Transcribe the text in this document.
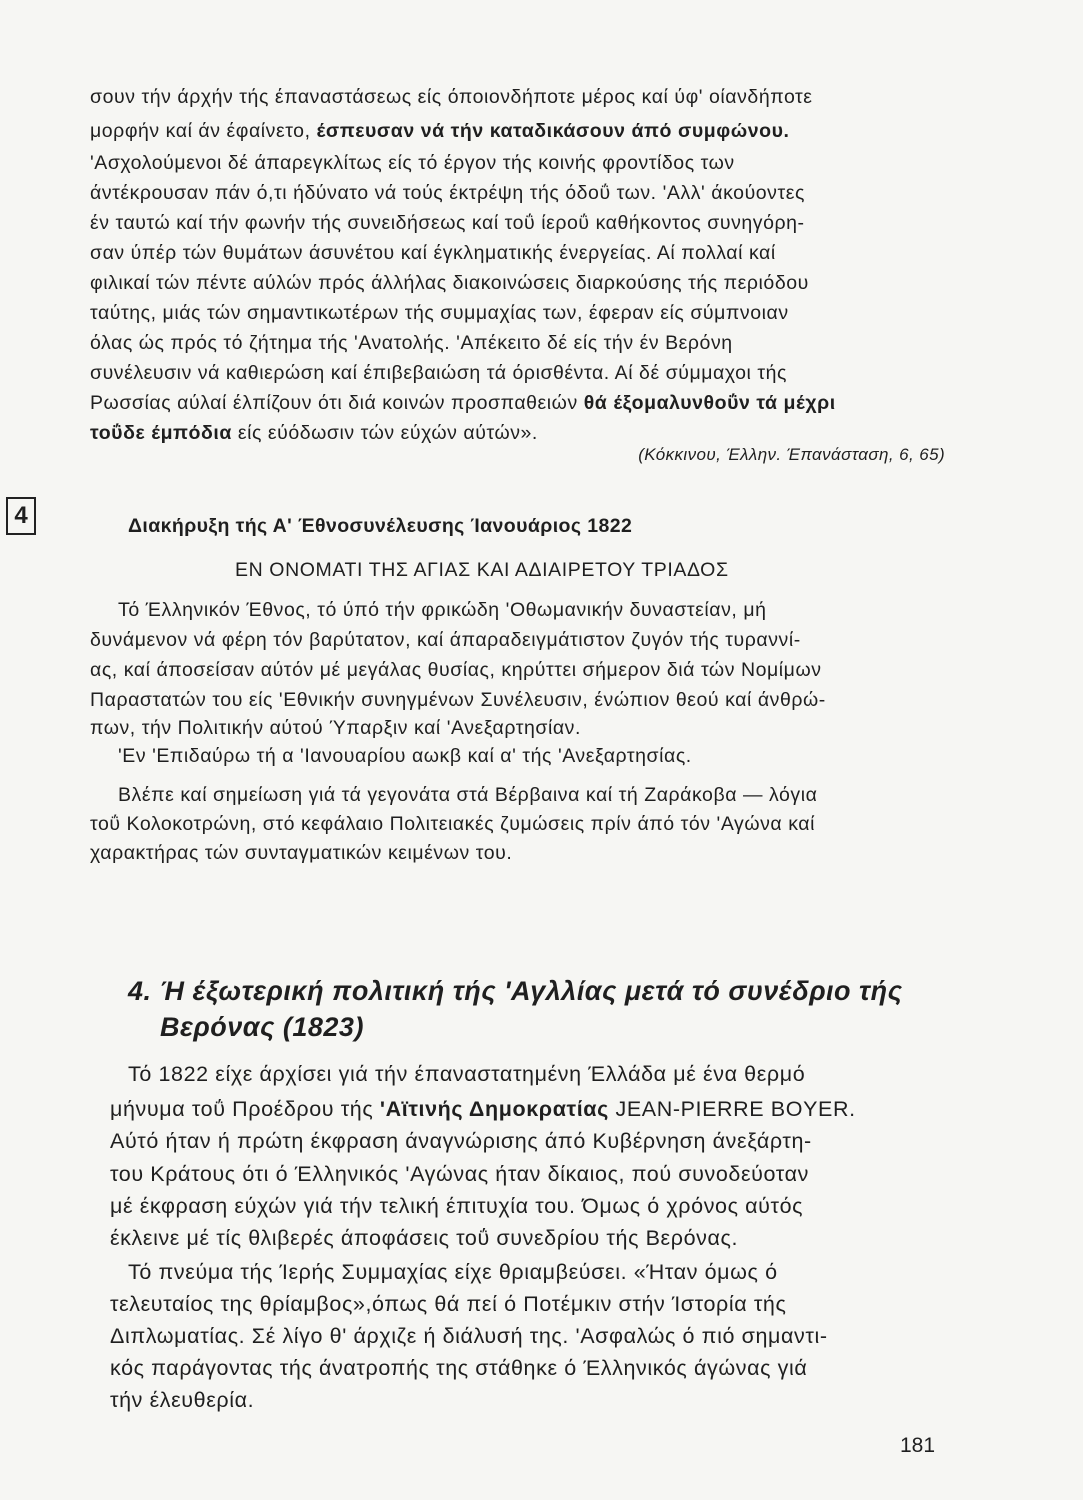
σουν τήν άρχήν τής έπαναστάσεως είς όποιονδήποτε μέρος καί ύφ' οίανδήποτε
μορφήν καί άν έφαίνετο, έσπευσαν νά τήν καταδικάσουν άπό συμφώνου.
'Ασχολούμενοι δέ άπαρεγκλίτως είς τό έργον τής κοινής φροντίδος των
άντέκρουσαν πάν ό,τι ήδύνατο νά τούς έκτρέψη τής όδοΰ των. 'Αλλ' άκούοντες
έν ταυτώ καί τήν φωνήν τής συνειδήσεως καί τοΰ ίεροΰ καθήκοντος συνηγόρη-
σαν ύπέρ τών θυμάτων άσυνέτου καί έγκληματικής ένεργείας. Αί πολλαί καί
φιλικαί τών πέντε αύλών πρός άλλήλας διακοινώσεις διαρκούσης τής περιόδου
ταύτης, μιάς τών σημαντικωτέρων τής συμμαχίας των, έφεραν είς σύμπνοιαν
όλας ώς πρός τό ζήτημα τής 'Ανατολής. 'Απέκειτο δέ είς τήν έν Βερόνη
συνέλευσιν νά καθιερώση καί έπιβεβαιώση τά όρισθέντα. Αί δέ σύμμαχοι τής
Ρωσσίας αύλαί έλπίζουν ότι διά κοινών προσπαθειών θά έξομαλυνθοΰν τά μέχρι
τοΰδε έμπόδια είς εύόδωσιν τών εύχών αύτών».
(Κόκκινου, Έλλην. Έπανάσταση, 6, 65)
4	Διακήρυξη τής Α' Έθνοσυνέλευσης Ίανουάριος 1822
ΕΝ ΟΝΟΜΑΤΙ ΤΗΣ ΑΓΙΑΣ ΚΑΙ ΑΔΙΑΙΡΕΤΟΥ ΤΡΙΑΔΟΣ
Τό Έλληνικόν Έθνος, τό ύπό τήν φρικώδη 'Οθωμανικήν δυναστείαν, μή
δυνάμενον νά φέρη τόν βαρύτατον, καί άπαραδειγμάτιστον ζυγόν τής τυραννί-
ας, καί άποσείσαν αύτόν μέ μεγάλας θυσίας, κηρύττει σήμερον διά τών Νομίμων
Παραστατών του είς 'Εθνικήν συνηγμένων Συνέλευσιν, ένώπιον θεού καί άνθρώ-
πων, τήν Πολιτικήν αύτού Ύπαρξιν καί 'Ανεξαρτησίαν.
'Εν 'Επιδαύρω τή α 'Ιανουαρίου αωκβ καί α' τής 'Ανεξαρτησίας.
Βλέπε καί σημείωση γιά τά γεγονάτα στά Βέρβαινα καί τή Ζαράκοβα — λόγια
τοΰ Κολοκοτρώνη, στό κεφάλαιο Πολιτειακές ζυμώσεις πρίν άπό τόν 'Αγώνα καί
χαρακτήρας τών συνταγματικών κειμένων του.
4. Ή έξωτερική πολιτική τής 'Αγλλίας μετά τό συνέδριο τής
Βερόνας (1823)
Τό 1822 είχε άρχίσει γιά τήν έπαναστατημένη Έλλάδα μέ ένα θερμό
μήνυμα τοΰ Προέδρου τής 'Αϊτινής Δημοκρατίας JEAN-PIERRE BOYER.
Αύτό ήταν ή πρώτη έκφραση άναγνώρισης άπό Κυβέρνηση άνεξάρτη-
του Κράτους ότι ό Έλληνικός 'Αγώνας ήταν δίκαιος, πού συνοδεύοταν
μέ έκφραση εύχών γιά τήν τελική έπιτυχία του. Όμως ό χρόνος αύτός
έκλεινε μέ τίς θλιβερές άποφάσεις τοΰ συνεδρίου τής Βερόνας.
Τό πνεύμα τής Ίερής Συμμαχίας είχε θριαμβεύσει. «Ήταν όμως ό
τελευταίος της θρίαμβος»,όπως θά πεί ό Ποτέμκιν στήν Ίστορία τής
Διπλωματίας. Σέ λίγο θ' άρχιζε ή διάλυσή της. 'Ασφαλώς ό πιό σημαντι-
κός παράγοντας τής άνατροπής της στάθηκε ό Έλληνικός άγώνας γιά
τήν έλευθερία.
181
